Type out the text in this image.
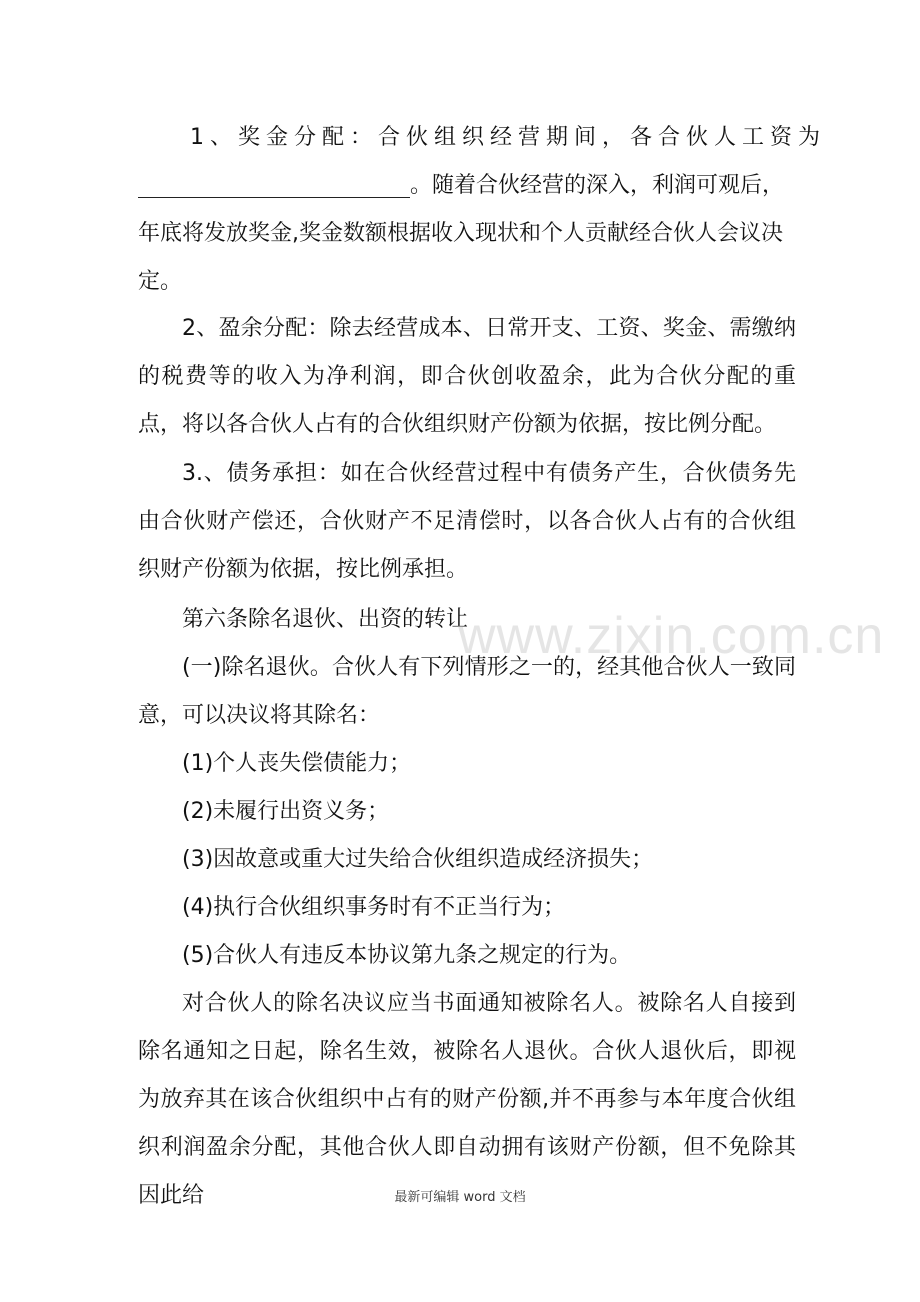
1、奖金分配：合伙组织经营期间，各合伙人工资为

。随着合伙经营的深入，利润可观后，

年底将发放奖金,奖金数额根据收入现状和个人贡献经合伙人会议决

定。

2、盈余分配：除去经营成本、日常开支、工资、奖金、需缴纳的税费等的收入为净利润，即合伙创收盈余，此为合伙分配的重点，将以各合伙人占有的合伙组织财产份额为依据，按比例分配。

3.、债务承担：如在合伙经营过程中有债务产生，合伙债务先由合伙财产偿还，合伙财产不足清偿时，以各合伙人占有的合伙组织财产份额为依据，按比例承担。

第六条除名退伙、出资的转让

(一)除名退伙。合伙人有下列情形之一的，经其他合伙人一致同意，可以决议将其除名：

(1)个人丧失偿债能力；

(2)未履行出资义务；

(3)因故意或重大过失给合伙组织造成经济损失；

(4)执行合伙组织事务时有不正当行为；

(5)合伙人有违反本协议第九条之规定的行为。

对合伙人的除名决议应当书面通知被除名人。被除名人自接到除名通知之日起，除名生效，被除名人退伙。合伙人退伙后，即视为放弃其在该合伙组织中占有的财产份额,并不再参与本年度合伙组织利润盈余分配，其他合伙人即自动拥有该财产份额，但不免除其因此给

www.zixin.com.cn
最新可编辑 word 文档
